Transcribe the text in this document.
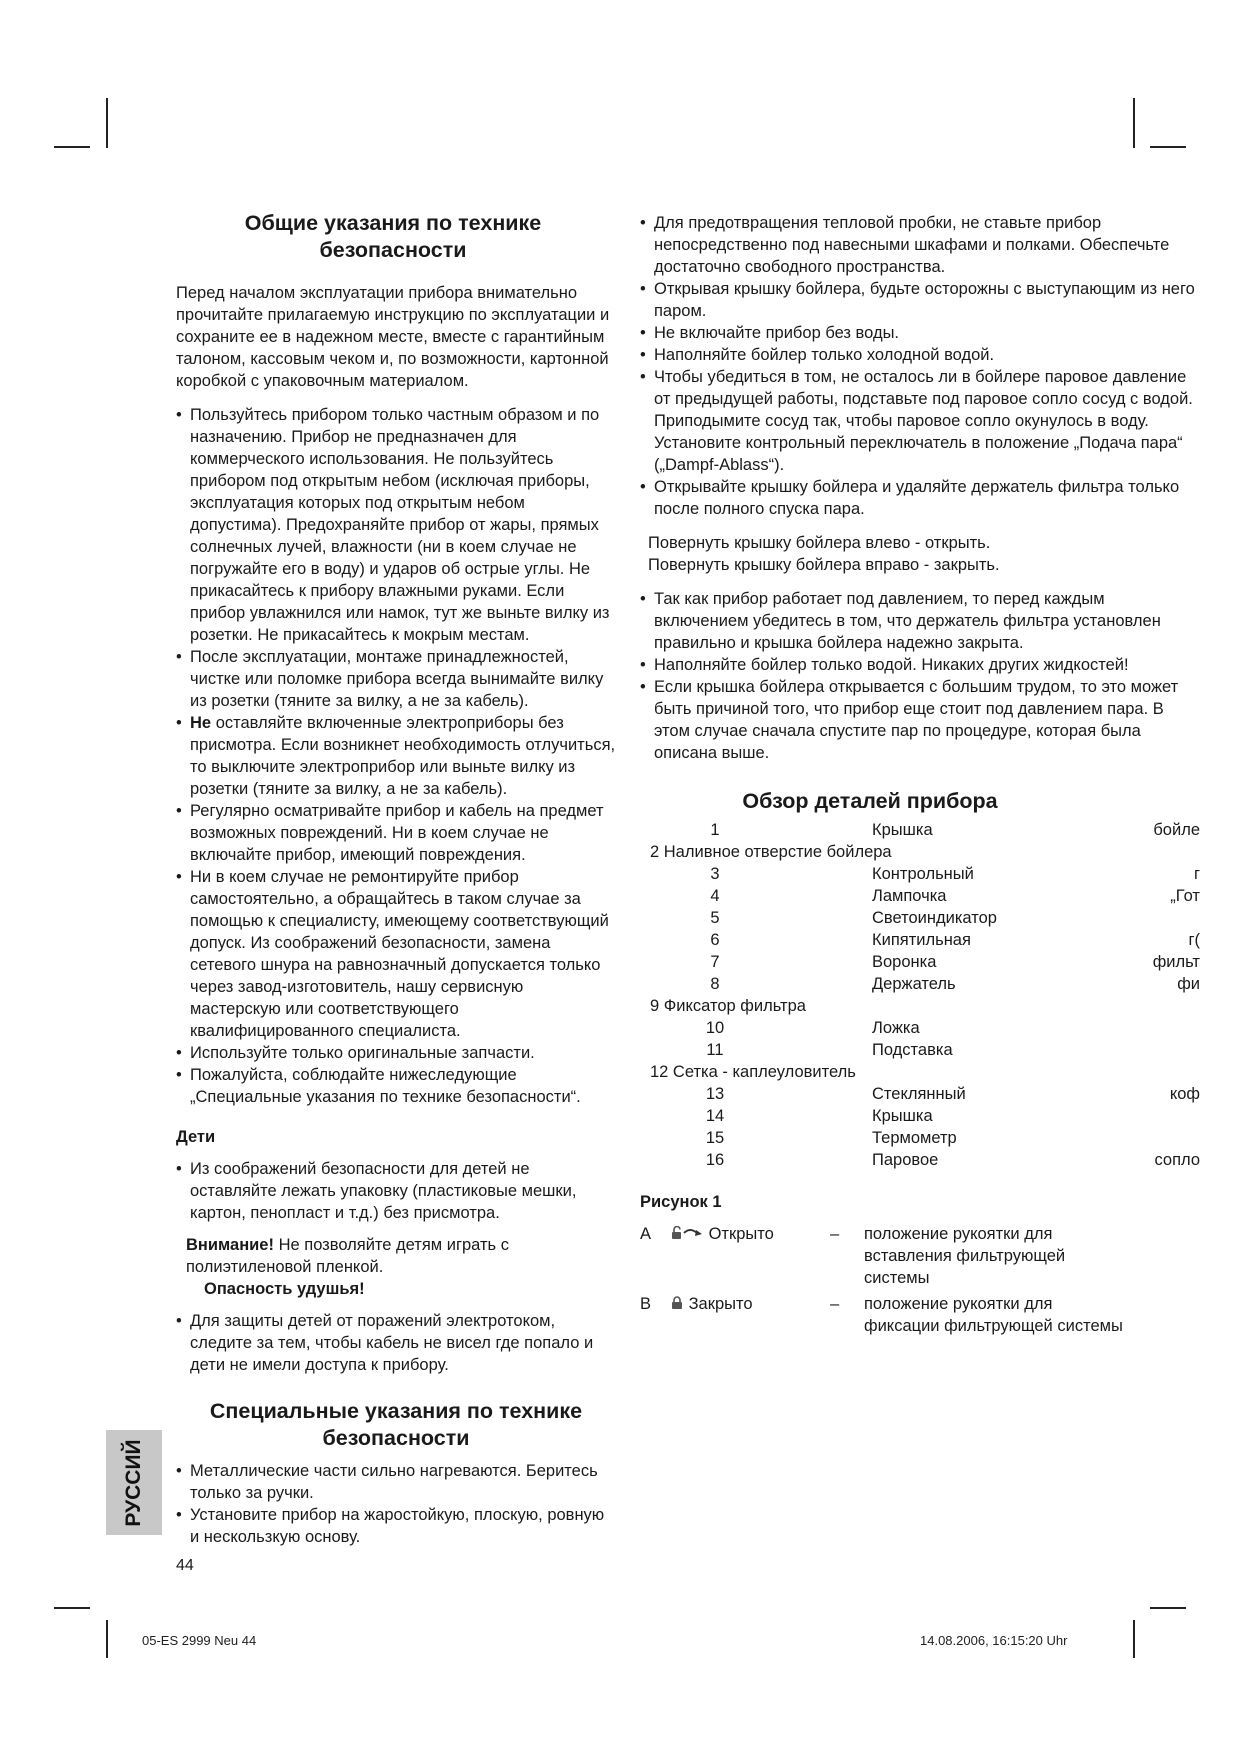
Общие указания по технике безопасности

Перед началом эксплуатации прибора внимательно прочитайте прилагаемую инструкцию по эксплуатации и сохраните ее в надежном месте, вместе с гарантийным талоном, кассовым чеком и, по возможности, картонной коробкой с упаковочным материалом.

• Пользуйтесь прибором только частным образом и по назначению. Прибор не предназначен для коммерческого использования. Не пользуйтесь прибором под открытым небом (исключая приборы, эксплуатация которых под открытым небом допустима). Предохраняйте прибор от жары, прямых солнечных лучей, влажности (ни в коем случае не погружайте его в воду) и ударов об острые углы. Не прикасайтесь к прибору влажными руками. Если прибор увлажнился или намок, тут же выньте вилку из розетки. Не прикасайтесь к мокрым местам.
• После эксплуатации, монтаже принадлежностей, чистке или поломке прибора всегда вынимайте вилку из розетки (тяните за вилку, а не за кабель).
• Не оставляйте включенные электроприборы без присмотра. Если возникнет необходимость отлучиться, то выключите электроприбор или выньте вилку из розетки (тяните за вилку, а не за кабель).
• Регулярно осматривайте прибор и кабель на предмет возможных повреждений. Ни в коем случае не включайте прибор, имеющий повреждения.
• Ни в коем случае не ремонтируйте прибор самостоятельно, а обращайтесь в таком случае за помощью к специалисту, имеющему соответствующий допуск. Из соображений безопасности, замена сетевого шнура на равнозначный допускается только через завод-изготовитель, нашу сервисную мастерскую или соответствующего квалифицированного специалиста.
• Используйте только оригинальные запчасти.
• Пожалуйста, соблюдайте нижеследующие „Специальные указания по технике безопасности“.
Дети
• Из соображений безопасности для детей не оставляйте лежать упаковку (пластиковые мешки, картон, пенопласт и т.д.) без присмотра.
Внимание! Не позволяйте детям играть с полиэтиленовой пленкой.
Опасность удушья!
• Для защиты детей от поражений электротоком, следите за тем, чтобы кабель не висел где попало и дети не имели доступа к прибору.
Специальные указания по технике
безопасности
• Металлические части сильно нагреваются. Беритесь только за ручки.
• Установите прибор на жаростойкую, плоскую, ровную и нескользкую основу.
• Для предотвращения тепловой пробки, не ставьте прибор непосредственно под навесными шкафами и полками. Обеспечьте достаточно свободного пространства.
• Открывая крышку бойлера, будьте осторожны с выступающим из него паром.
• Не включайте прибор без воды.
• Наполняйте бойлер только холодной водой.
• Чтобы убедиться в том, не осталось ли в бойлере паровое давление от предыдущей работы, подставьте под паровое сопло сосуд с водой. Приподымите сосуд так, чтобы паровое сопло окунулось в воду. Установите контрольный переключатель в положение „Подача пара“ („Dampf-Ablass“).
• Открывайте крышку бойлера и удаляйте держатель фильтра только после полного спуска пара.

Повернуть крышку бойлера влево - открыть.

Повернуть крышку бойлера вправо - закрыть.

• Так как прибор работает под давлением, то перед каждым включением убедитесь в том, что держатель фильтра установлен правильно и крышка бойлера надежно закрыта.
• Наполняйте бойлер только водой. Никаких других жидкостей!
• Если крышка бойлера открывается с большим трудом, то это может быть причиной того, что прибор еще стоит под давлением пара. В этом случае сначала спустите пар по процедуре, которая была описана выше.
Обзор деталей прибора
1	Крышка	бойле
2 Наливное отверстие бойлера		
3	Контрольный	г
4	Лампочка	„Гот
5	Светоиндикатор	
6	Кипятильная	г(
7	Воронка	фильт
8	Держатель	фи
9 Фиксатор фильтра		
10	Ложка	
11	Подставка	
12 Сетка - каплеуловитель		
13	Стеклянный	коф
14	Крышка	
15	Термометр	
16	Паровое	сопло
Рисунок 1
A	Открыто	–	положение рукоятки для вставления фильтрующей системы
B	Закрыто	–	положение рукоятки для фиксации фильтрующей системы
РУССИЙ
44
05-ES 2999 Neu 44	14.08.2006, 16:15:20 Uhr
